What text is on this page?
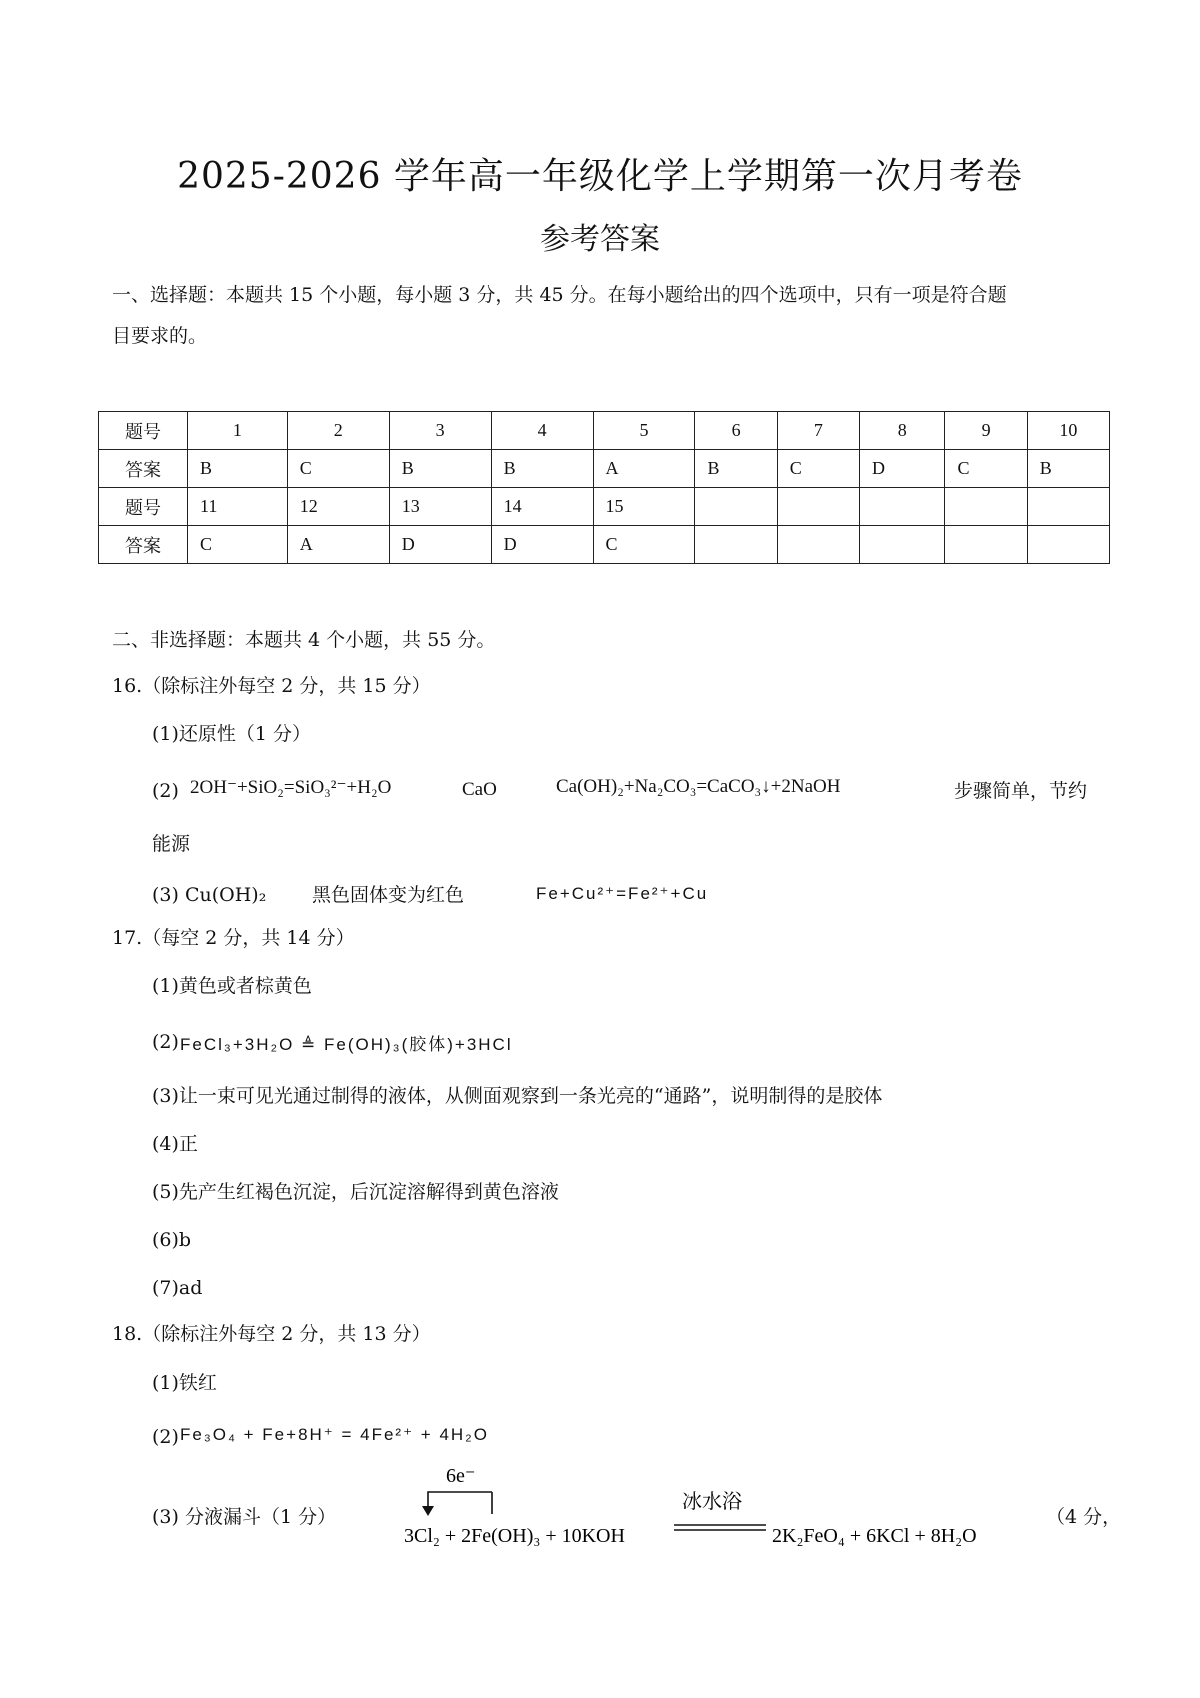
2025-2026 学年高一年级化学上学期第一次月考卷
参考答案
一、选择题：本题共 15 个小题，每小题 3 分，共 45 分。在每小题给出的四个选项中，只有一项是符合题
目要求的。
题号	1	2	3	4	5	6	7	8	9	10
答案	B	C	B	B	A	B	C	D	C	B
题号	11	12	13	14	15					
答案	C	A	D	D	C					
二、非选择题：本题共 4 个小题，共 55 分。
16.（除标注外每空 2 分，共 15 分）
(1)还原性（1 分）
(2) 2OH⁻+SiO₂=SiO₃²⁻+H₂O	CaO	Ca(OH)₂+Na₂CO₃=CaCO₃↓+2NaOH	步骤简单，节约
能源
(3) Cu(OH)₂ 黑色固体变为红色	Fe+Cu²⁺=Fe²⁺+Cu
17.（每空 2 分，共 14 分）
(1)黄色或者棕黄色
(2) FeCl₃+3H₂O ≜ Fe(OH)₃(胶体)+3HCl
(3)让一束可见光通过制得的液体，从侧面观察到一条光亮的“通路”，说明制得的是胶体
(4)正
(5)先产生红褐色沉淀，后沉淀溶解得到黄色溶液
(6)b
(7)ad
18.（除标注外每空 2 分，共 13 分）
(1)铁红
(2) Fe₃O₄ + Fe+8H⁺ = 4Fe²⁺ + 4H₂O
(3) 分液漏斗（1 分）
6e⁻
冰水浴
3Cl₂ + 2Fe(OH)₃ + 10KOH	2K₂FeO₄ + 6KCl + 8H₂O
（4 分，
